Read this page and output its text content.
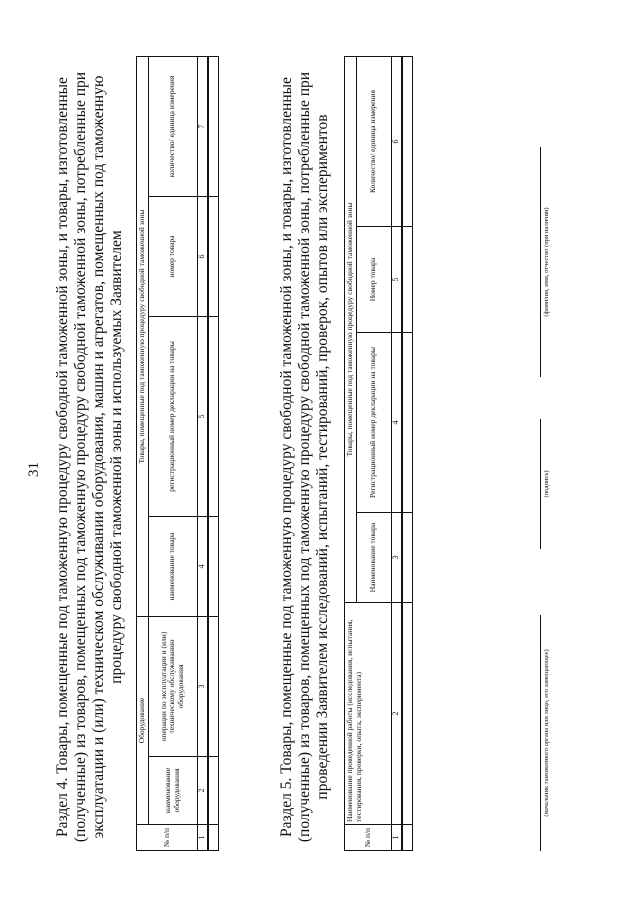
31 Раздел 4. Товары, помещенные под таможенную процедуру свободной таможенной зоны, и товары, изготовленные (полученные) из товаров, помещенных под таможенную процедуру свободной таможенной зоны, потребленные при эксплуатации и (или) техническом обслуживании оборудования, машин и агрегатов, помещенных под таможенную процедуру свободной таможенной зоны и используемых Заявителем
№ п/п	Оборудование		Товары, помещенные под таможенную процедуру свободной таможенной зоны			
	наименование оборудования	операции по эксплуатации и (или) техническому обслуживанию оборудования	наименование товара	регистрационный номер декларации на товары	номер товара	количество/ единица измерения
1	2	3	4	5	6	7
							Раздел 5. Товары, помещенные под таможенную процедуру свободной таможенной зоны, и товары, изготовленные (полученные) из товаров, помещенных под таможенную процедуру свободной таможенной зоны, потребленные при проведении Заявителем исследований, испытаний, тестирований, проверок, опытов или экспериментов
№ п/п	Наименование проведенной работы (исследования, испытания, тестирования, проверки, опыта, эксперимента)	Товары, помещенные под таможенную процедуру свободной таможенной зоны			
		Наименование товара	Регистрационный номер декларации на товары	Номер товара	Количество/ единица измерения
1	2	3	4	5	6

(начальник таможенного органа или лицо, его замещающее)
(подпись)
(фамилия, имя, отчество (при наличии)
